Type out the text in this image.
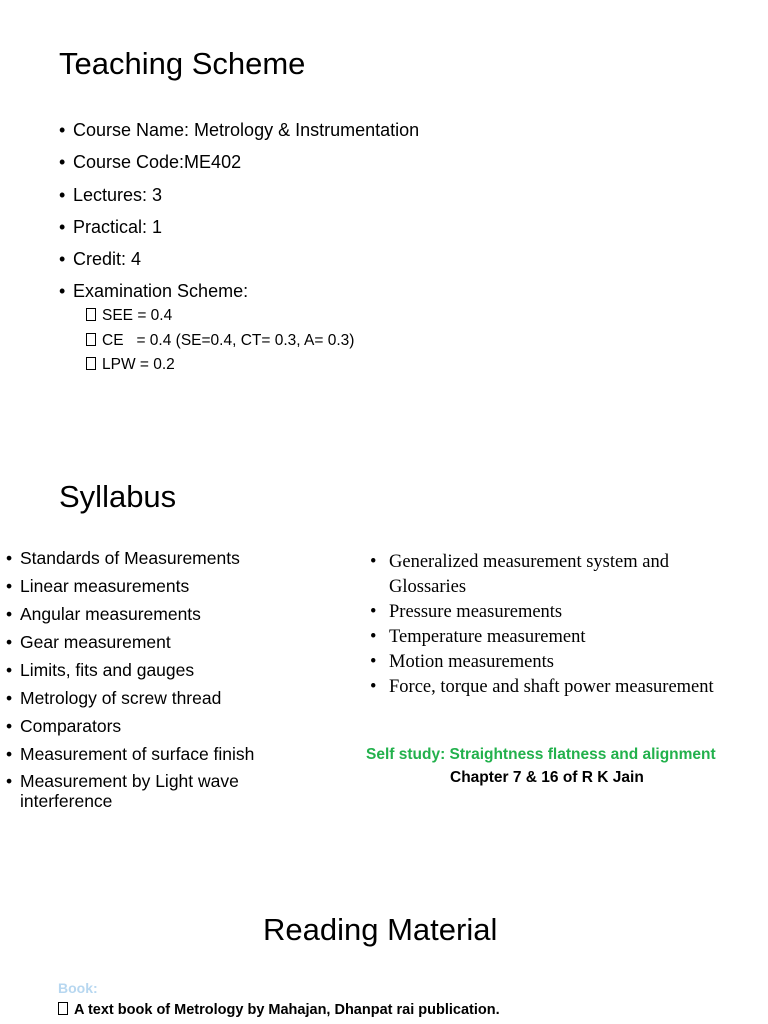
Teaching Scheme
• Course Name: Metrology & Instrumentation
• Course Code:ME402
• Lectures: 3
• Practical: 1
• Credit: 4
• Examination Scheme:
SEE = 0.4
CE   = 0.4 (SE=0.4, CT= 0.3, A= 0.3)
LPW = 0.2
Syllabus
• Standards of Measurements
• Linear measurements
• Angular measurements
• Gear measurement
• Limits, fits and gauges
• Metrology of screw thread
• Comparators
• Measurement of surface finish
• Measurement by Light wave interference
• Generalized measurement system and Glossaries
• Pressure measurements
• Temperature measurement
• Motion measurements
• Force, torque and shaft power measurement

Self study: Straightness flatness and alignment

Chapter 7 & 16 of R K Jain

Reading Material

Book:

A text book of Metrology by Mahajan, Dhanpat rai publication.
